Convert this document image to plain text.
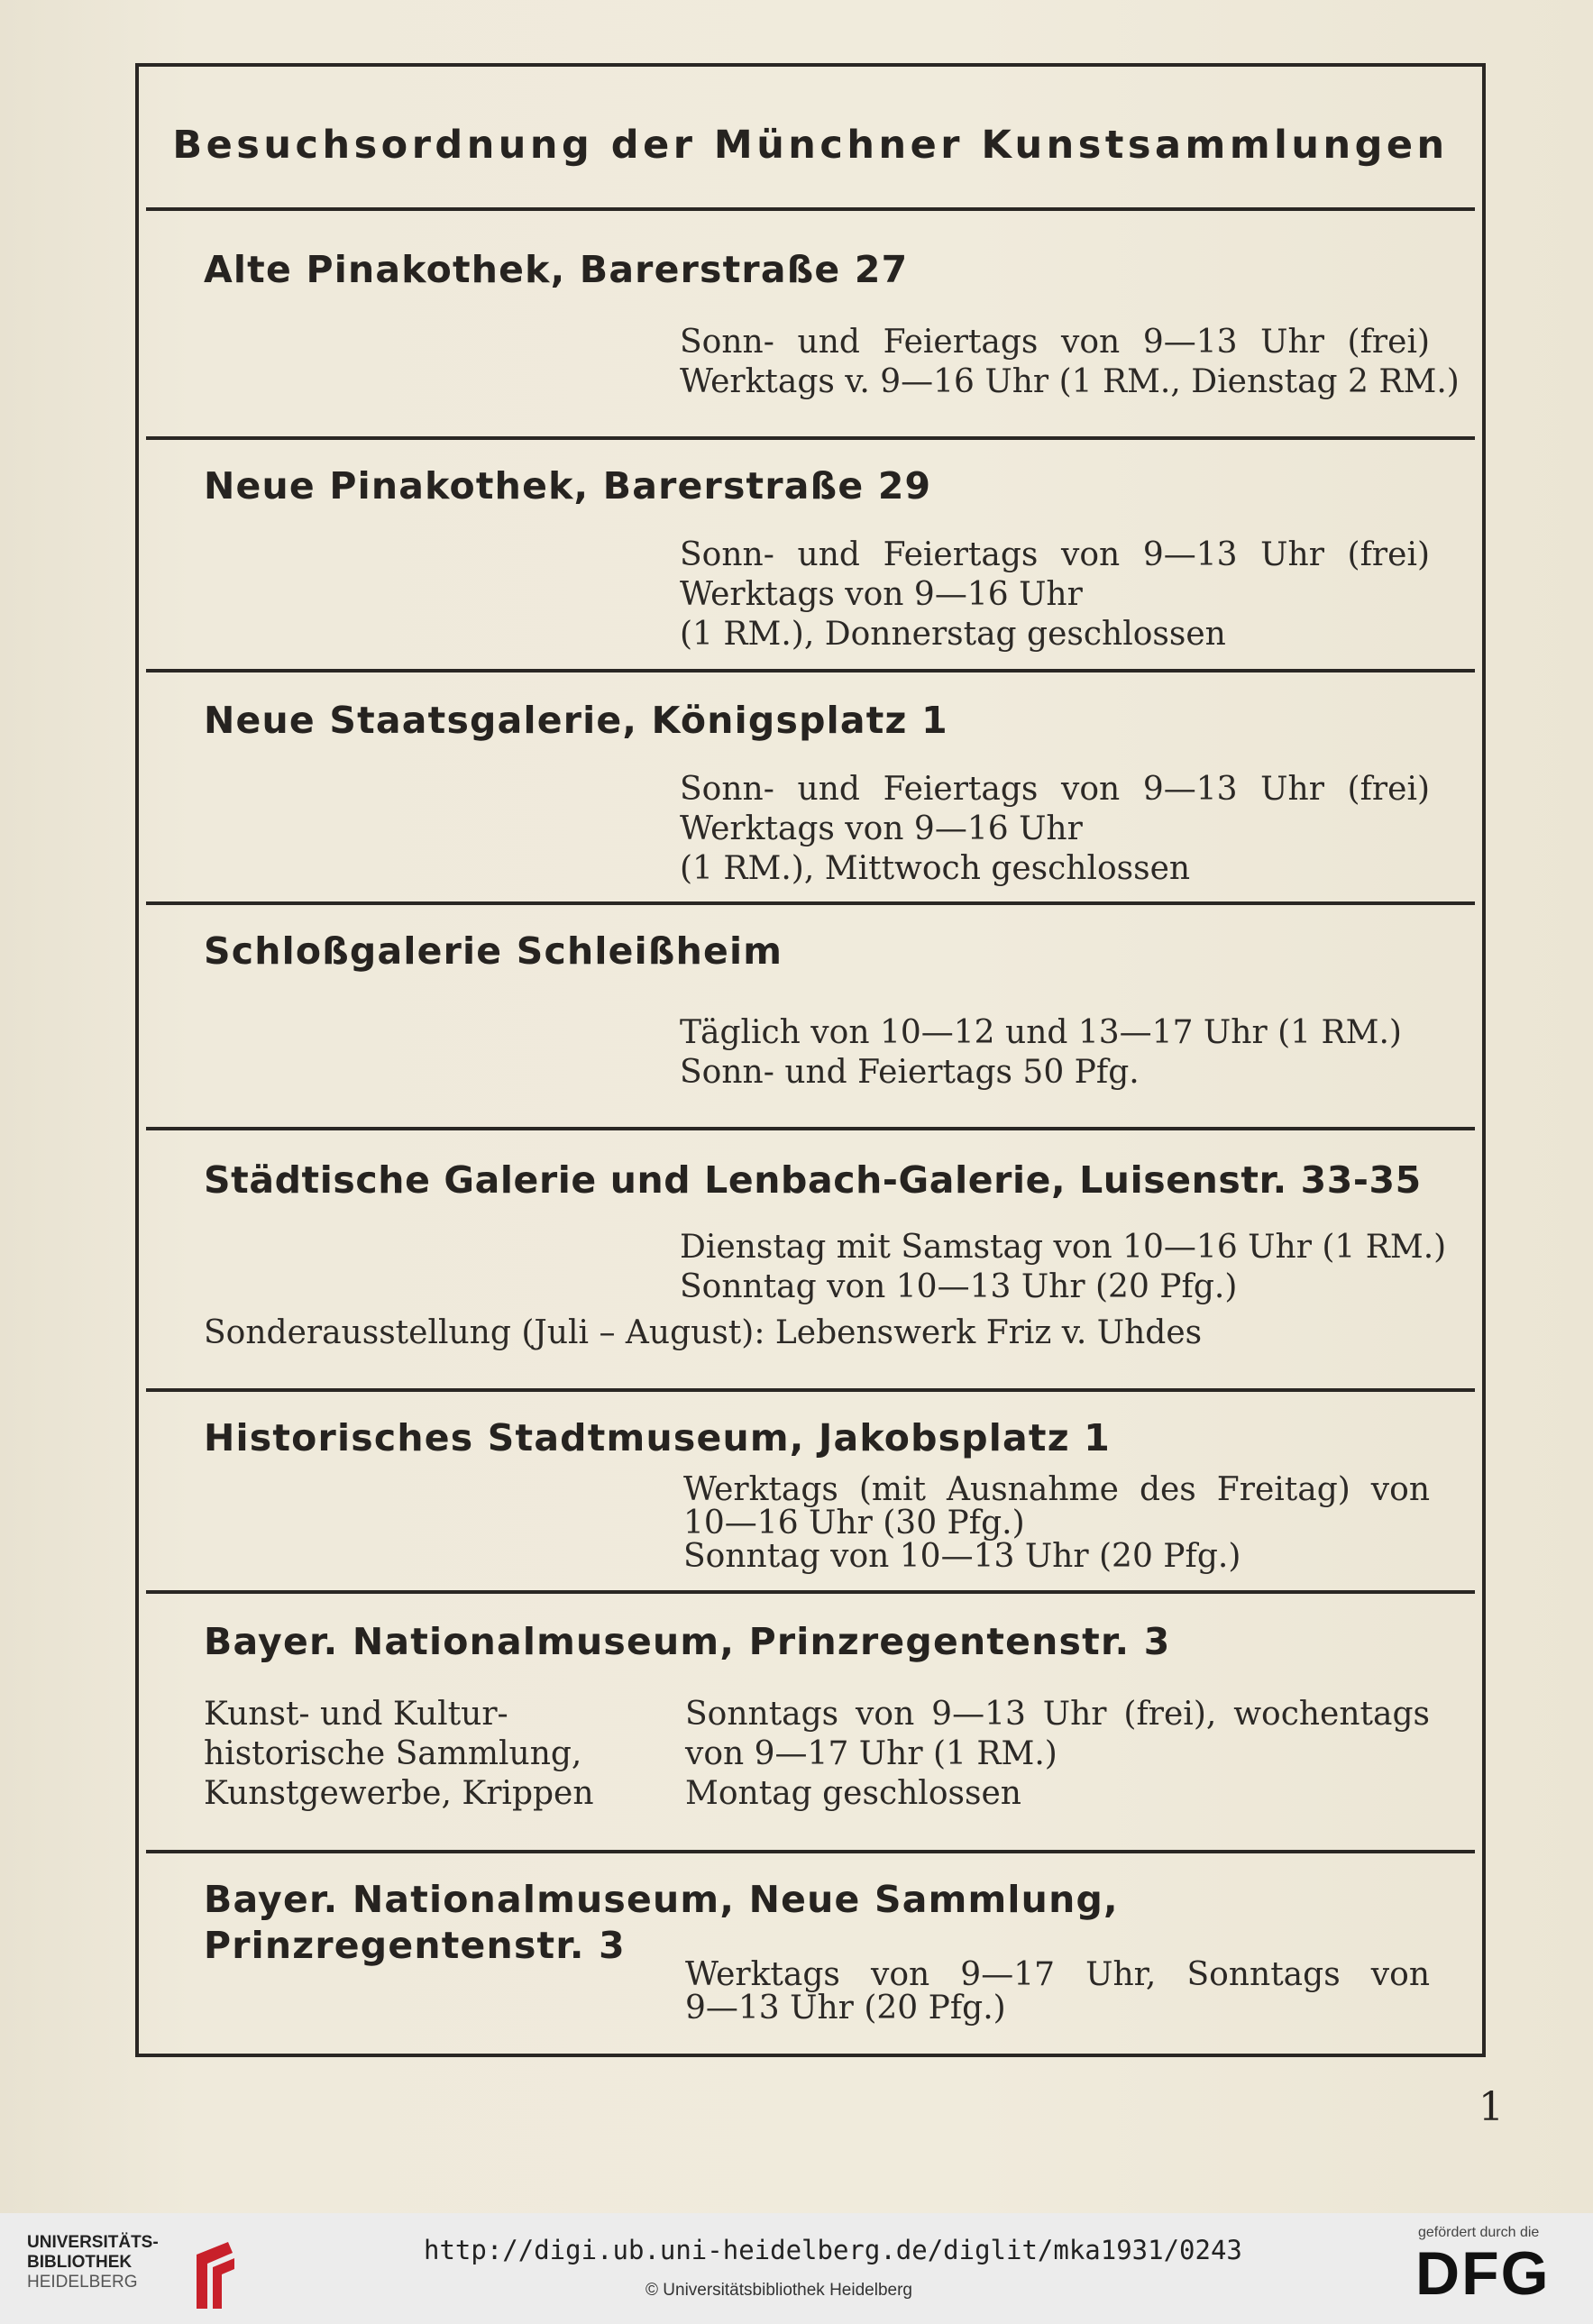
Besuchsordnung der Münchner Kunstsammlungen
Alte Pinakothek, Barerstraße 27
Sonn- und Feiertags von 9—13 Uhr (frei)
Werktags v. 9—16 Uhr (1 RM., Dienstag 2 RM.)
Neue Pinakothek, Barerstraße 29
Sonn- und Feiertags von 9—13 Uhr (frei)
Werktags von 9—16 Uhr
(1 RM.), Donnerstag geschlossen
Neue Staatsgalerie, Königsplatz 1
Sonn- und Feiertags von 9—13 Uhr (frei)
Werktags von 9—16 Uhr
(1 RM.), Mittwoch geschlossen
Schloßgalerie Schleißheim
Täglich von 10—12 und 13—17 Uhr (1 RM.)
Sonn- und Feiertags 50 Pfg.
Städtische Galerie und Lenbach-Galerie, Luisenstr. 33-35
Dienstag mit Samstag von 10—16 Uhr (1 RM.)
Sonntag von 10—13 Uhr (20 Pfg.)
Sonderausstellung (Juli – August): Lebenswerk Friz v. Uhdes
Historisches Stadtmuseum, Jakobsplatz 1
Werktags (mit Ausnahme des Freitag) von
10—16 Uhr (30 Pfg.)
Sonntag von 10—13 Uhr (20 Pfg.)
Bayer. Nationalmuseum, Prinzregentenstr. 3
Kunst- und Kultur-
historische Sammlung,
Kunstgewerbe, Krippen
Sonntags von 9—13 Uhr (frei), wochentags
von 9—17 Uhr (1 RM.)
Montag geschlossen
Bayer. Nationalmuseum, Neue Sammlung,
Prinzregentenstr. 3
Werktags von 9—17 Uhr, Sonntags von
9—13 Uhr (20 Pfg.)
1
UNIVERSITÄTS-
BIBLIOTHEK
HEIDELBERG
http://digi.ub.uni-heidelberg.de/diglit/mka1931/0243
© Universitätsbibliothek Heidelberg
gefördert durch die
DFG
